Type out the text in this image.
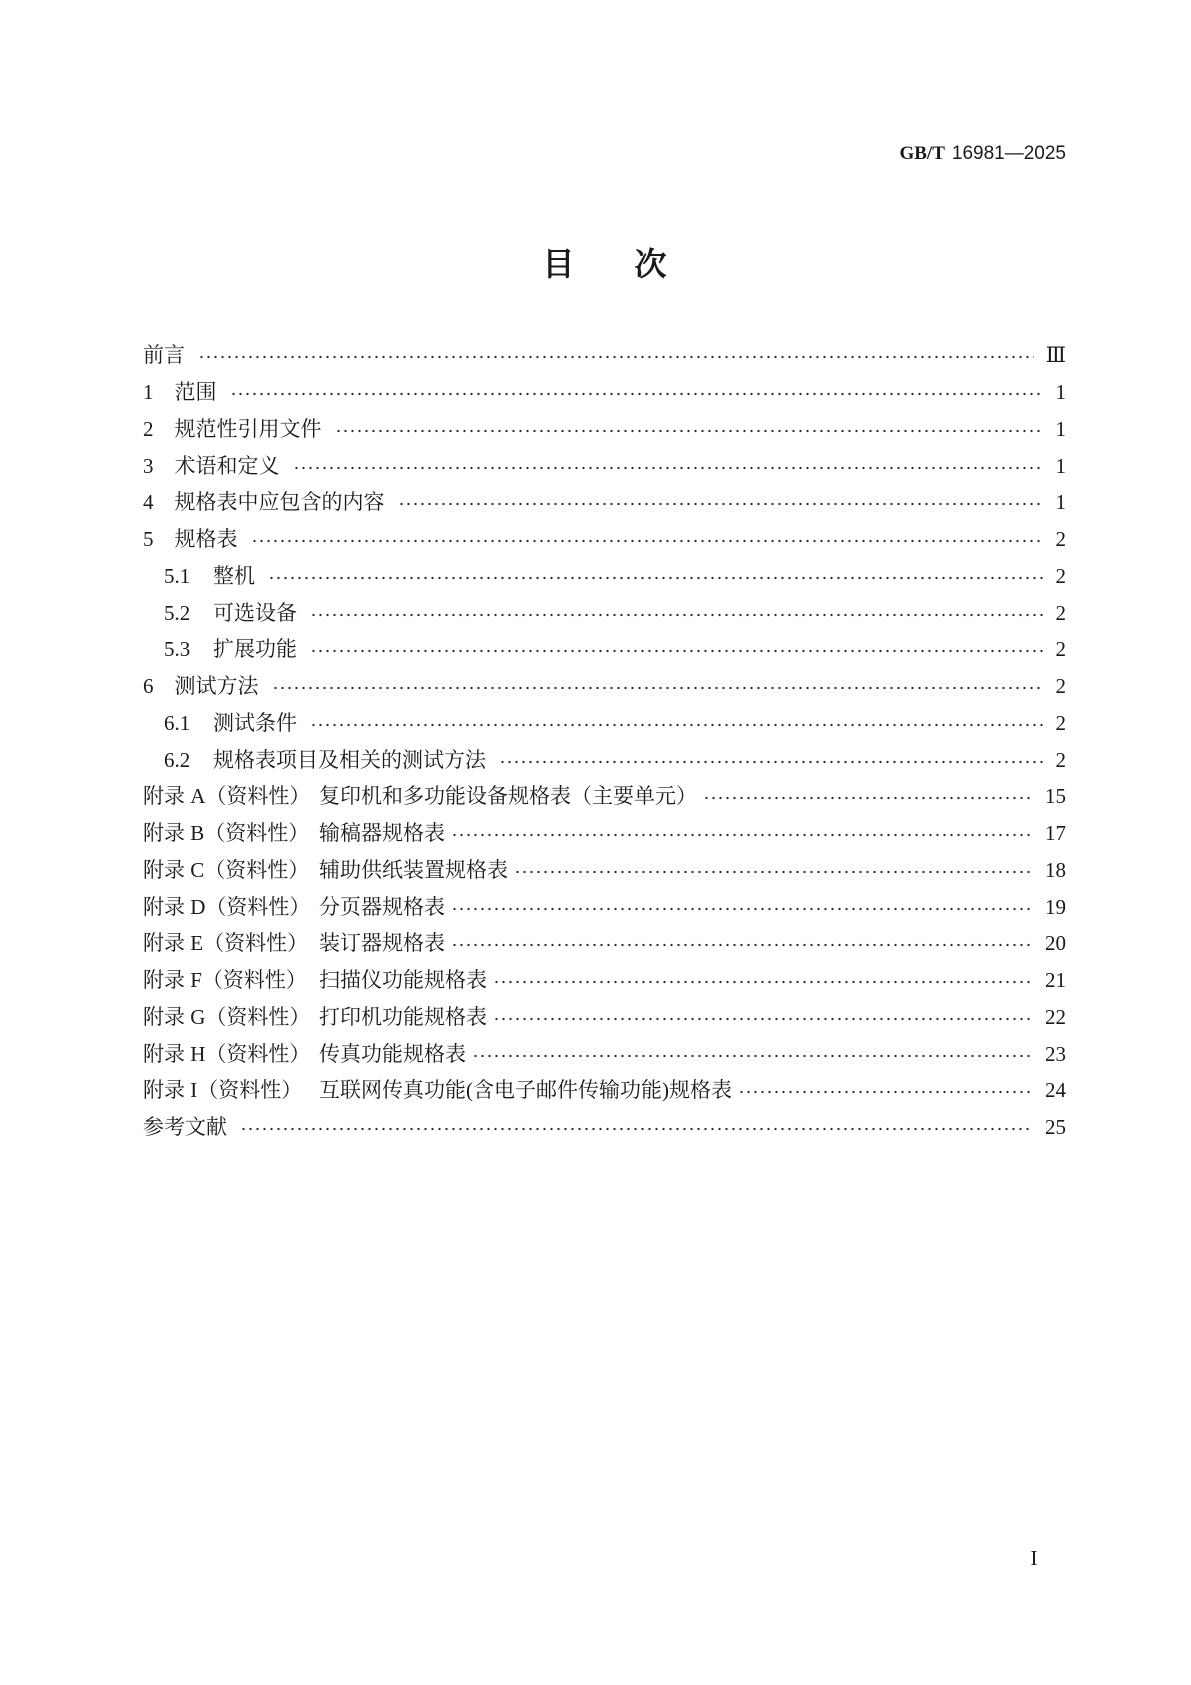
GB/T 16981—2025
目次
前言	Ⅲ
1	范围	1
2	规范性引用文件	1
3	术语和定义	1
4	规格表中应包含的内容	1
5	规格表	2
5.1	整机	2
5.2	可选设备	2
5.3	扩展功能	2
6	测试方法	2
6.1	测试条件	2
6.2	规格表项目及相关的测试方法	2
附录 A（资料性） 复印机和多功能设备规格表（主要单元）	15
附录 B（资料性） 输稿器规格表	17
附录 C（资料性） 辅助供纸装置规格表	18
附录 D（资料性） 分页器规格表	19
附录 E（资料性） 装订器规格表	20
附录 F（资料性） 扫描仪功能规格表	21
附录 G（资料性） 打印机功能规格表	22
附录 H（资料性） 传真功能规格表	23
附录 I（资料性） 互联网传真功能(含电子邮件传输功能)规格表	24
参考文献	25
I
